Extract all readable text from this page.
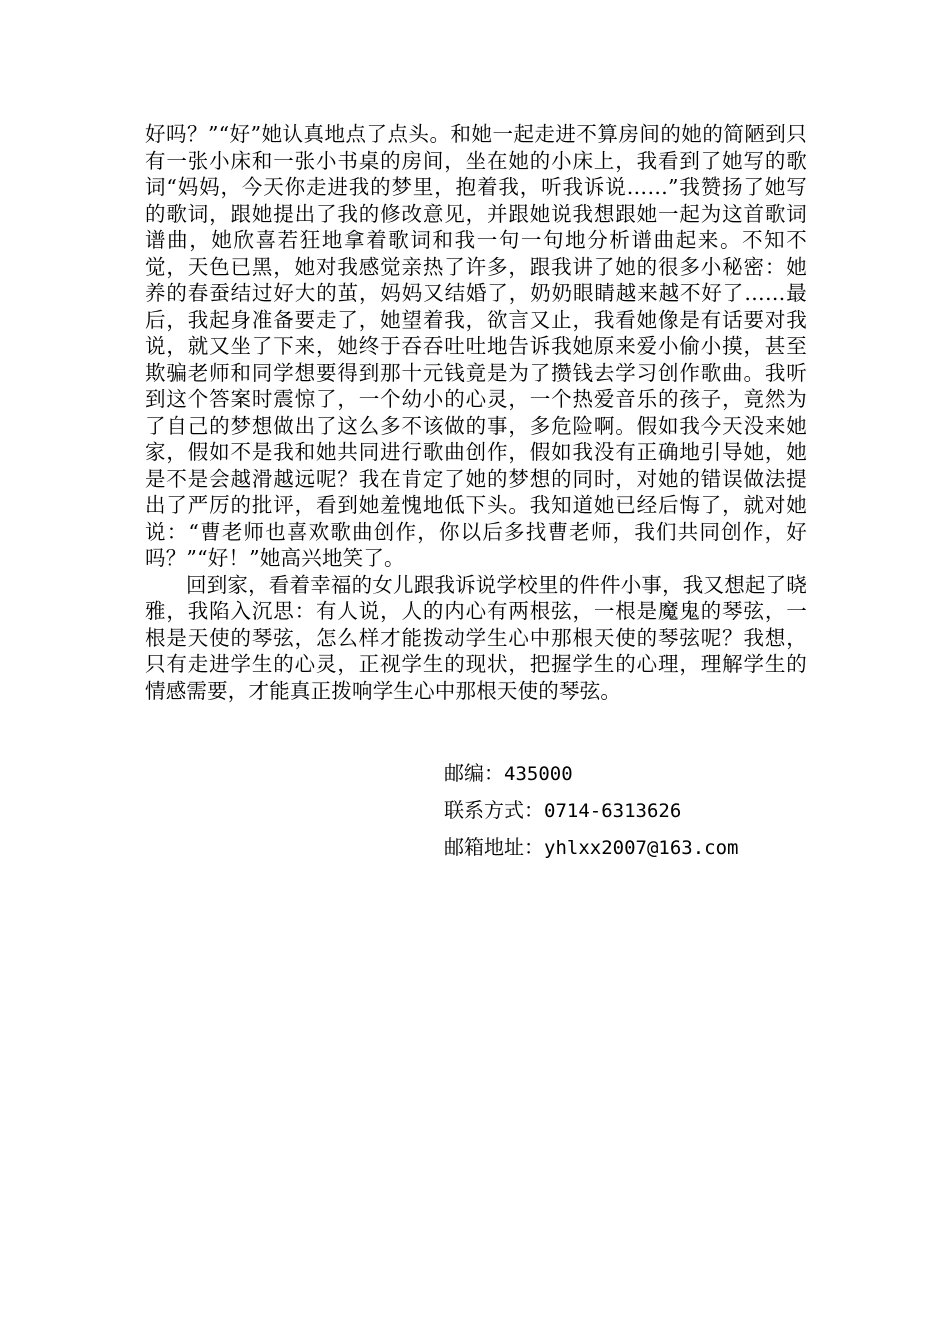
好吗？”“好”她认真地点了点头。和她一起走进不算房间的她的简陋到只有一张小床和一张小书桌的房间，坐在她的小床上，我看到了她写的歌词“妈妈，今天你走进我的梦里，抱着我，听我诉说……”我赞扬了她写的歌词，跟她提出了我的修改意见，并跟她说我想跟她一起为这首歌词谱曲，她欣喜若狂地拿着歌词和我一句一句地分析谱曲起来。不知不觉，天色已黑，她对我感觉亲热了许多，跟我讲了她的很多小秘密：她养的春蚕结过好大的茧，妈妈又结婚了，奶奶眼睛越来越不好了……最后，我起身准备要走了，她望着我，欲言又止，我看她像是有话要对我说，就又坐了下来，她终于吞吞吐吐地告诉我她原来爱小偷小摸，甚至欺骗老师和同学想要得到那十元钱竟是为了攒钱去学习创作歌曲。我听到这个答案时震惊了，一个幼小的心灵，一个热爱音乐的孩子，竟然为了自己的梦想做出了这么多不该做的事，多危险啊。假如我今天没来她家，假如不是我和她共同进行歌曲创作，假如我没有正确地引导她，她是不是会越滑越远呢？我在肯定了她的梦想的同时，对她的错误做法提出了严厉的批评，看到她羞愧地低下头。我知道她已经后悔了，就对她说：“曹老师也喜欢歌曲创作，你以后多找曹老师，我们共同创作，好吗？”“好！”她高兴地笑了。

回到家，看着幸福的女儿跟我诉说学校里的件件小事，我又想起了晓雅，我陷入沉思：有人说，人的内心有两根弦，一根是魔鬼的琴弦，一根是天使的琴弦，怎么样才能拨动学生心中那根天使的琴弦呢？我想，只有走进学生的心灵，正视学生的现状，把握学生的心理，理解学生的情感需要，才能真正拨响学生心中那根天使的琴弦。

邮编：435000
联系方式：0714-6313626
邮箱地址：yhlxx2007@163.com
